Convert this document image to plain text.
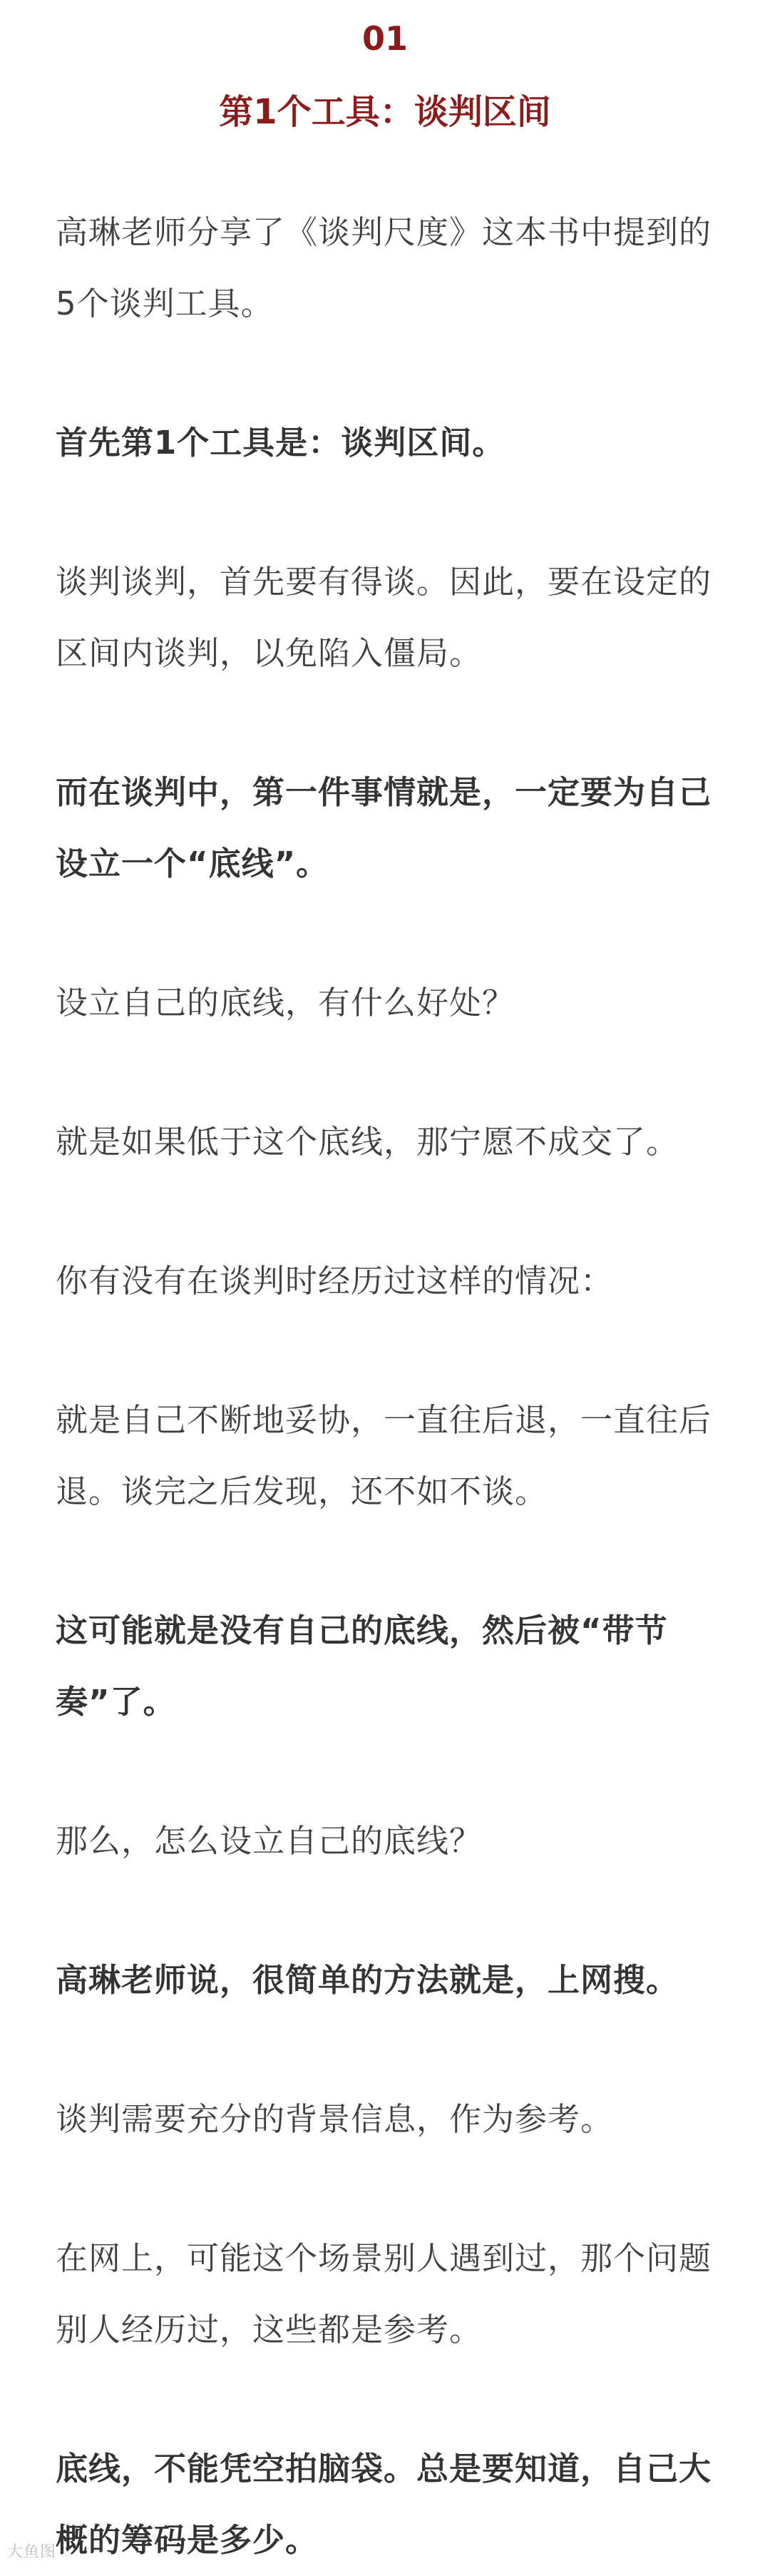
01

第1个工具：谈判区间

高琳老师分享了《谈判尺度》这本书中提到的5个谈判工具。

首先第1个工具是：谈判区间。

谈判谈判，首先要有得谈。因此，要在设定的区间内谈判，以免陷入僵局。

而在谈判中，第一件事情就是，一定要为自己设立一个“底线”。

设立自己的底线，有什么好处？

就是如果低于这个底线，那宁愿不成交了。

你有没有在谈判时经历过这样的情况：

就是自己不断地妥协，一直往后退，一直往后退。谈完之后发现，还不如不谈。

这可能就是没有自己的底线，然后被“带节奏”了。

那么，怎么设立自己的底线？

高琳老师说，很简单的方法就是，上网搜。

谈判需要充分的背景信息，作为参考。

在网上，可能这个场景别人遇到过，那个问题别人经历过，这些都是参考。

底线，不能凭空拍脑袋。总是要知道，自己大概的筹码是多少。

大鱼图
